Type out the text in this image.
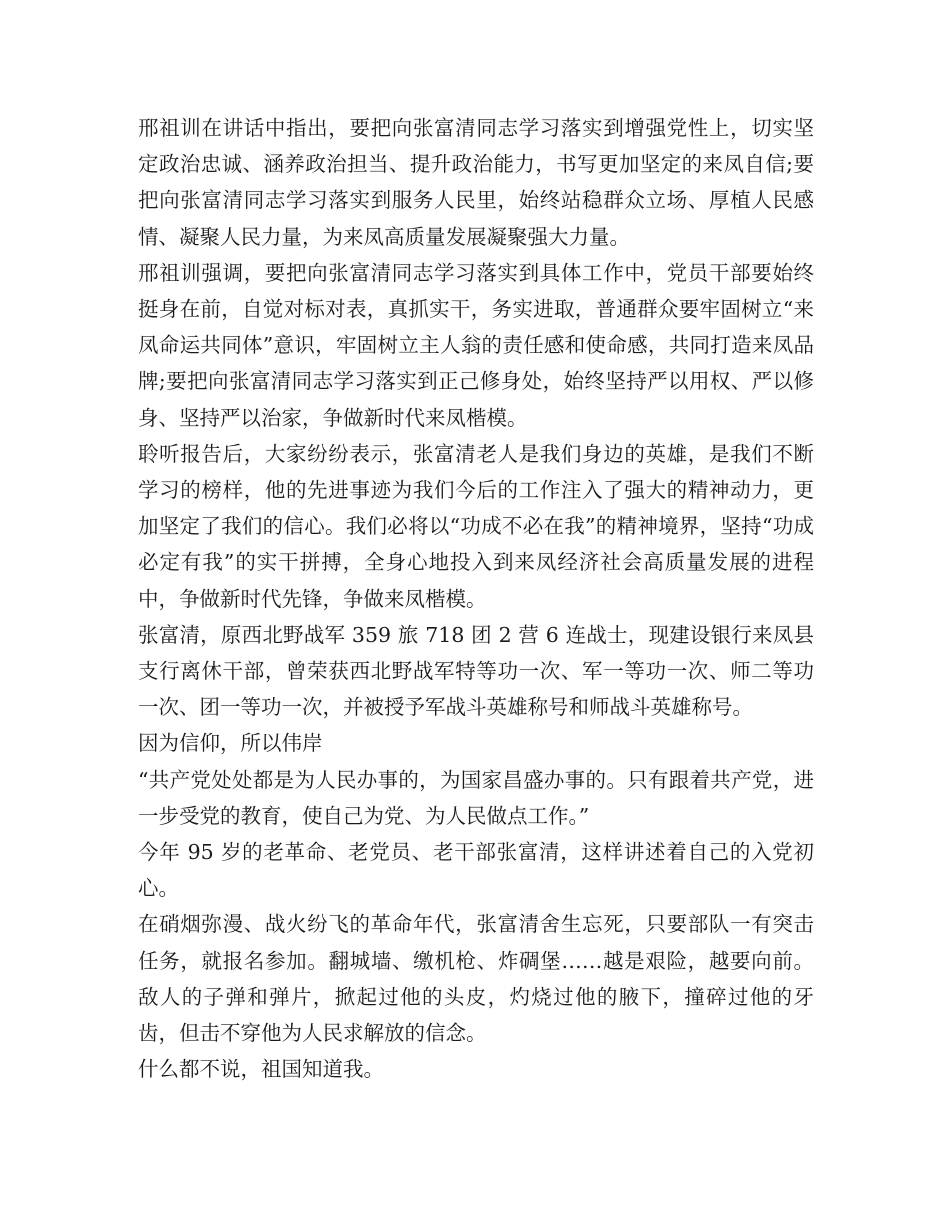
邢祖训在讲话中指出，要把向张富清同志学习落实到增强党性上，切实坚定政治忠诚、涵养政治担当、提升政治能力，书写更加坚定的来凤自信;要把向张富清同志学习落实到服务人民里，始终站稳群众立场、厚植人民感情、凝聚人民力量，为来凤高质量发展凝聚强大力量。

邢祖训强调，要把向张富清同志学习落实到具体工作中，党员干部要始终挺身在前，自觉对标对表，真抓实干，务实进取，普通群众要牢固树立“来凤命运共同体”意识，牢固树立主人翁的责任感和使命感，共同打造来凤品牌;要把向张富清同志学习落实到正己修身处，始终坚持严以用权、严以修身、坚持严以治家，争做新时代来凤楷模。

聆听报告后，大家纷纷表示，张富清老人是我们身边的英雄，是我们不断学习的榜样，他的先进事迹为我们今后的工作注入了强大的精神动力，更加坚定了我们的信心。我们必将以“功成不必在我”的精神境界，坚持“功成必定有我”的实干拼搏，全身心地投入到来凤经济社会高质量发展的进程中，争做新时代先锋，争做来凤楷模。

张富清，原西北野战军 359 旅 718 团 2 营 6 连战士，现建设银行来凤县支行离休干部，曾荣获西北野战军特等功一次、军一等功一次、师二等功一次、团一等功一次，并被授予军战斗英雄称号和师战斗英雄称号。

因为信仰，所以伟岸

“共产党处处都是为人民办事的，为国家昌盛办事的。只有跟着共产党，进一步受党的教育，使自己为党、为人民做点工作。”

今年 95 岁的老革命、老党员、老干部张富清，这样讲述着自己的入党初心。

在硝烟弥漫、战火纷飞的革命年代，张富清舍生忘死，只要部队一有突击任务，就报名参加。翻城墙、缴机枪、炸碉堡……越是艰险，越要向前。敌人的子弹和弹片，掀起过他的头皮，灼烧过他的腋下，撞碎过他的牙齿，但击不穿他为人民求解放的信念。

什么都不说，祖国知道我。
